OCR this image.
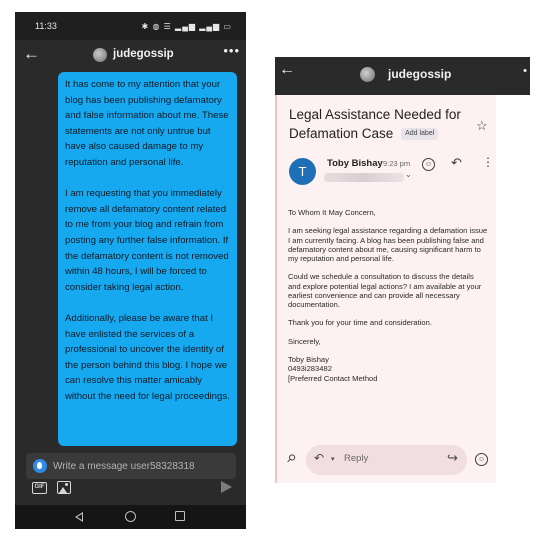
11:33	✱ ◍ ☰ ▂▄▆ ▂▄▆ ▭
←	judegossip	•••

It has come to my attention that your blog has been publishing defamatory and false information about me. These statements are not only untrue but have also caused damage to my reputation and personal life.

I am requesting that you immediately remove all defamatory content related to me from your blog and refrain from posting any further false information. If the defamatory content is not removed within 48 hours, I will be forced to consider taking legal action.

Additionally, please be aware that I have enlisted the services of a professional to uncover the identity of the person behind this blog. I hope we can resolve this matter amicably without the need for legal proceedings.

Write a message user58328318
GIF
←	judegossip	•
Legal Assistance Needed for Defamation Case Add label
☆
T
Toby Bishay 9:23 pm
⌄
☺ ↶ ⋮
To Whom It May Concern,
I am seeking legal assistance regarding a defamation issue I am currently facing. A blog has been publishing false and defamatory content about me, causing significant harm to my reputation and personal life.
Could we schedule a consultation to discuss the details and explore potential legal actions? I am available at your earliest convenience and can provide all necessary documentation.
Thank you for your time and consideration.
Sincerely,
Toby Bishay
0493i283482
[Preferred Contact Method
⚲ ↶ ▾ Reply	↪	☺
